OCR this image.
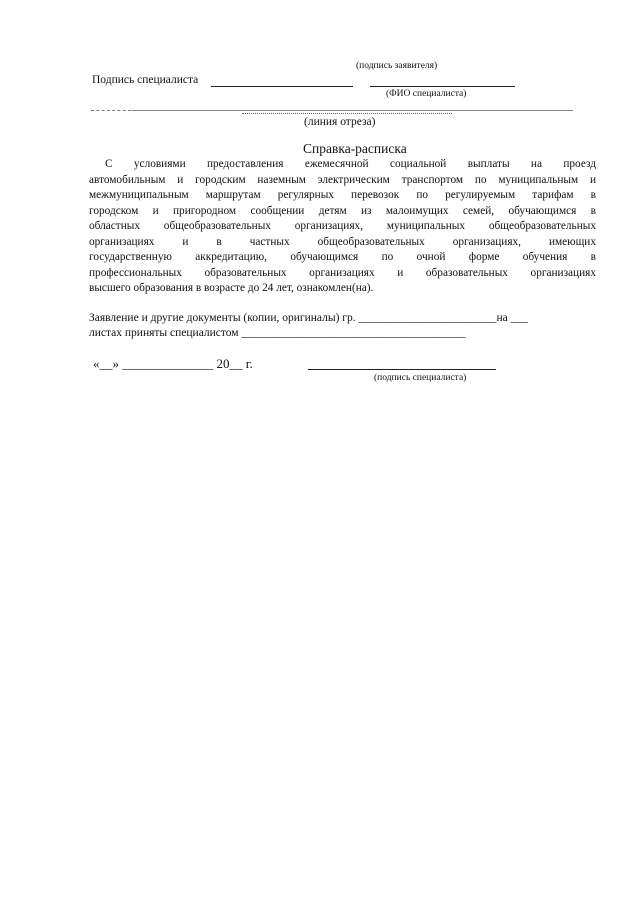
(подпись заявителя)
Подпись специалиста
(ФИО специалиста)
(линия отреза)
Справка-расписка
С условиями предоставления ежемесячной социальной выплаты на проезд
автомобильным и городским наземным электрическим транспортом по муниципальным и
межмуниципальным маршрутам регулярных перевозок по регулируемым тарифам в
городском и пригородном сообщении детям из малоимущих семей, обучающимся в
областных общеобразовательных организациях, муниципальных общеобразовательных
организациях и в частных общеобразовательных организациях, имеющих
государственную аккредитацию, обучающимся по очной форме обучения в
профессиональных образовательных организациях и образовательных организациях
высшего образования в возрасте до 24 лет, ознакомлен(на).
Заявление и другие документы (копии, оригиналы) гр. ________________________на ___
листах приняты специалистом _______________________________________
«__» ______________ 20__ г.
(подпись специалиста)
